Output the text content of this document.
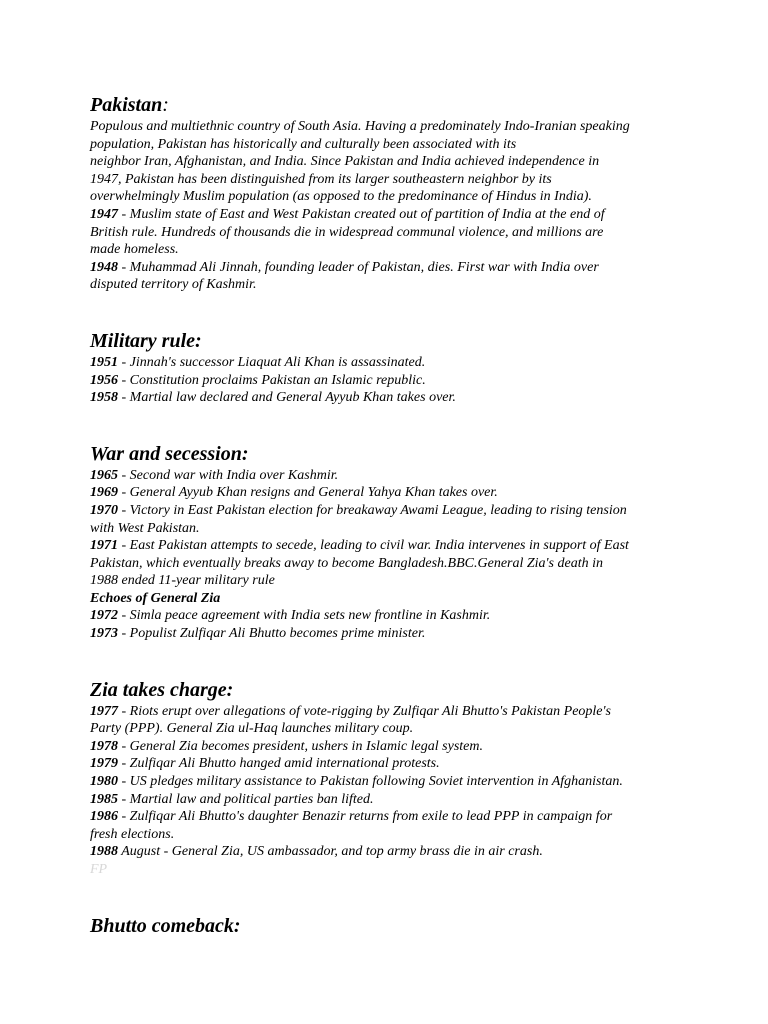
Pakistan:

Populous and multiethnic country of South Asia. Having a predominately Indo-Iranian speaking

population, Pakistan has historically and culturally been associated with its

neighbor Iran, Afghanistan, and India. Since Pakistan and India achieved independence in

1947, Pakistan has been distinguished from its larger southeastern neighbor by its

overwhelmingly Muslim population (as opposed to the predominance of Hindus in India).

1947 - Muslim state of East and West Pakistan created out of partition of India at the end of

British rule. Hundreds of thousands die in widespread communal violence, and millions are

made homeless.

1948 - Muhammad Ali Jinnah, founding leader of Pakistan, dies. First war with India over

disputed territory of Kashmir.

Military rule:

1951 - Jinnah's successor Liaquat Ali Khan is assassinated.

1956 - Constitution proclaims Pakistan an Islamic republic.

1958 - Martial law declared and General Ayyub Khan takes over.

War and secession:

1965 - Second war with India over Kashmir.

1969 - General Ayyub Khan resigns and General Yahya Khan takes over.

1970 - Victory in East Pakistan election for breakaway Awami League, leading to rising tension

with West Pakistan.

1971 - East Pakistan attempts to secede, leading to civil war. India intervenes in support of East

Pakistan, which eventually breaks away to become Bangladesh.BBC.General Zia's death in

1988 ended 11-year military rule

Echoes of General Zia

1972 - Simla peace agreement with India sets new frontline in Kashmir.

1973 - Populist Zulfiqar Ali Bhutto becomes prime minister.

Zia takes charge:

1977 - Riots erupt over allegations of vote-rigging by Zulfiqar Ali Bhutto's Pakistan People's

Party (PPP). General Zia ul-Haq launches military coup.

1978 - General Zia becomes president, ushers in Islamic legal system.

1979 - Zulfiqar Ali Bhutto hanged amid international protests.

1980 - US pledges military assistance to Pakistan following Soviet intervention in Afghanistan.

1985 - Martial law and political parties ban lifted.

1986 - Zulfiqar Ali Bhutto's daughter Benazir returns from exile to lead PPP in campaign for

fresh elections.

1988 August - General Zia, US ambassador, and top army brass die in air crash.

FP

Bhutto comeback:
